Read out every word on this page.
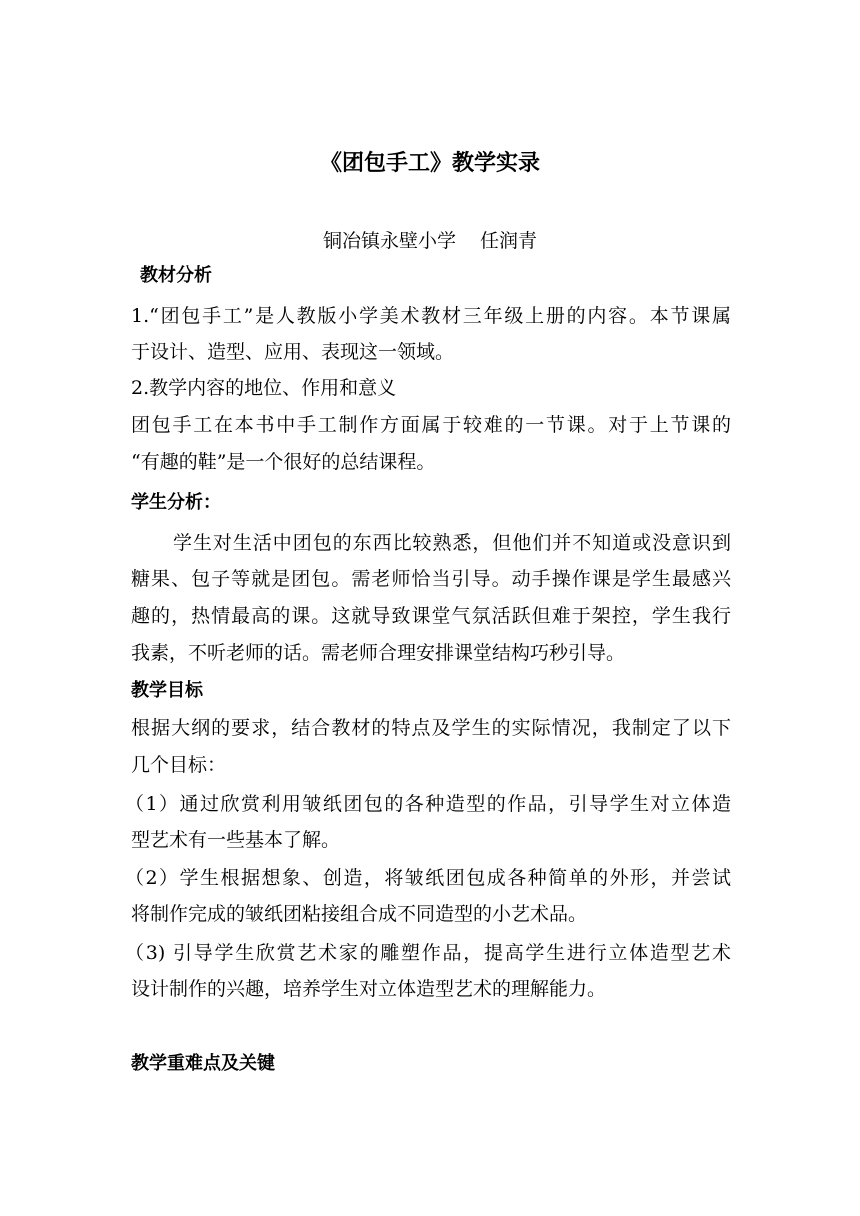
《团包手工》教学实录
铜冶镇永壁小学 任润青
教材分析
1.“团包手工”是人教版小学美术教材三年级上册的内容。本节课属
于设计、造型、应用、表现这一领域。
2.教学内容的地位、作用和意义
团包手工在本书中手工制作方面属于较难的一节课。对于上节课的
“有趣的鞋”是一个很好的总结课程。
学生分析：
学生对生活中团包的东西比较熟悉，但他们并不知道或没意识到
糖果、包子等就是团包。需老师恰当引导。动手操作课是学生最感兴
趣的，热情最高的课。这就导致课堂气氛活跃但难于架控，学生我行
我素，不听老师的话。需老师合理安排课堂结构巧秒引导。
教学目标
根据大纲的要求，结合教材的特点及学生的实际情况，我制定了以下
几个目标：
（1）通过欣赏利用皱纸团包的各种造型的作品，引导学生对立体造
型艺术有一些基本了解。
（2）学生根据想象、创造，将皱纸团包成各种简单的外形，并尝试
将制作完成的皱纸团粘接组合成不同造型的小艺术品。
（3) 引导学生欣赏艺术家的雕塑作品，提高学生进行立体造型艺术
设计制作的兴趣，培养学生对立体造型艺术的理解能力。
教学重难点及关键
